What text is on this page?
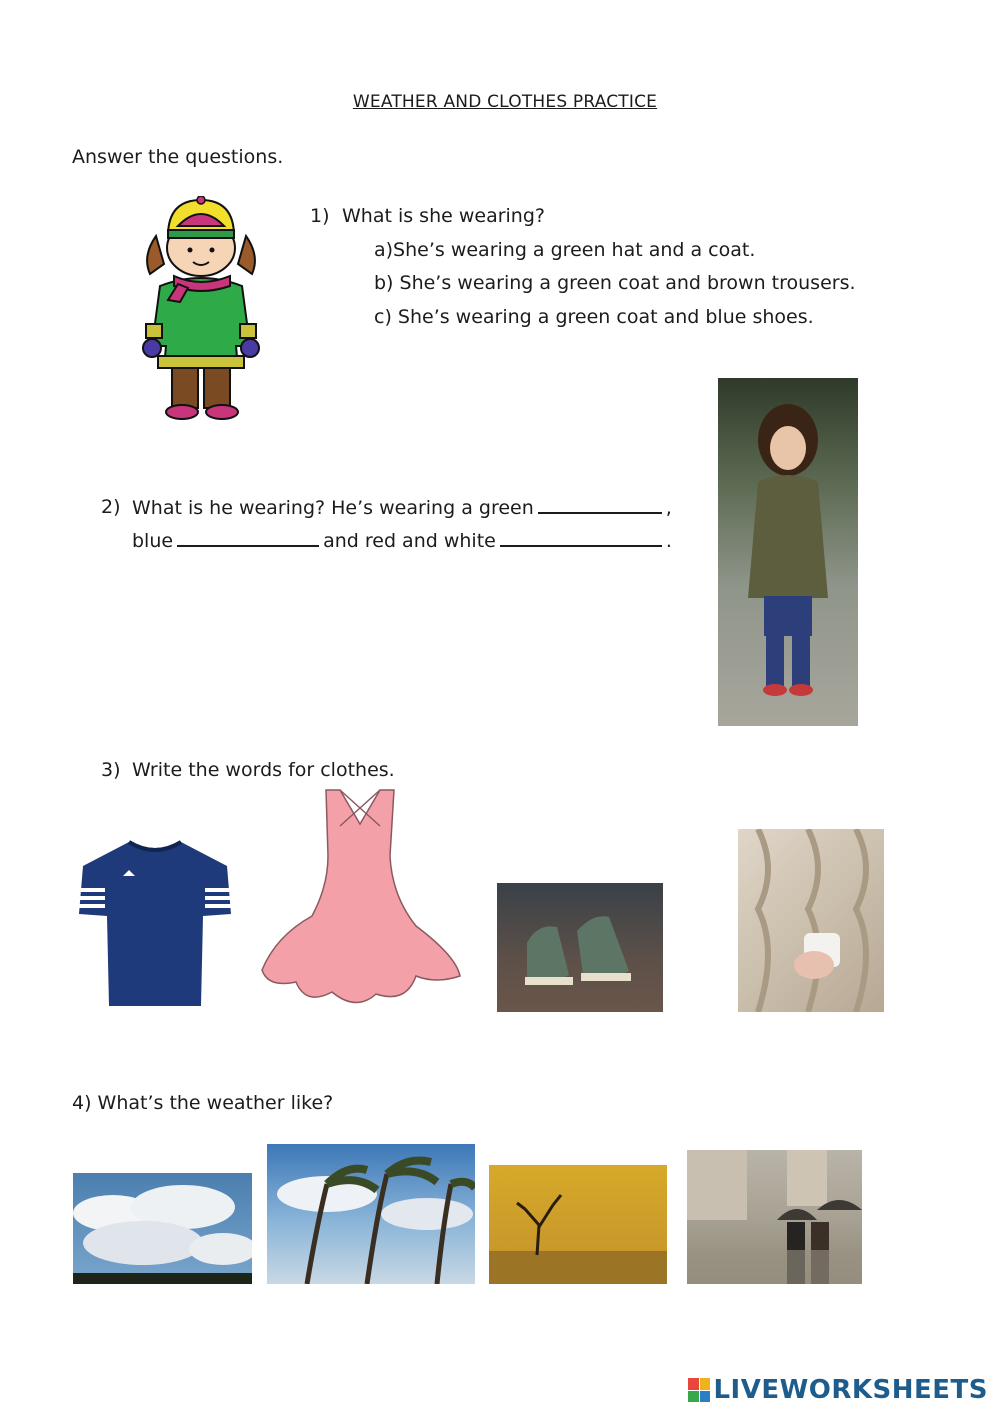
WEATHER AND CLOTHES PRACTICE
Answer the questions.
1) What is she wearing?
a)She’s wearing a green hat and a coat.
b) She’s wearing a green coat and brown trousers.
c) She’s wearing a green coat and blue shoes.
2) What is he wearing? He’s wearing a green	,
blue	and red and white	.
3) Write the words for clothes.
4) What’s the weather like?
LIVEWORKSHEETS
